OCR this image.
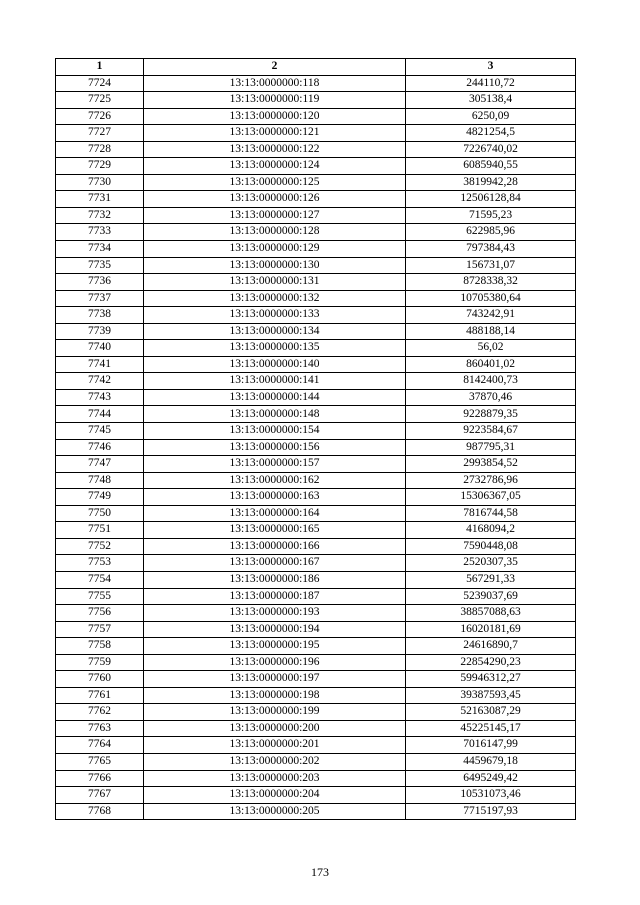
1	2	3
7724	13:13:0000000:118	244110,72
7725	13:13:0000000:119	305138,4
7726	13:13:0000000:120	6250,09
7727	13:13:0000000:121	4821254,5
7728	13:13:0000000:122	7226740,02
7729	13:13:0000000:124	6085940,55
7730	13:13:0000000:125	3819942,28
7731	13:13:0000000:126	12506128,84
7732	13:13:0000000:127	71595,23
7733	13:13:0000000:128	622985,96
7734	13:13:0000000:129	797384,43
7735	13:13:0000000:130	156731,07
7736	13:13:0000000:131	8728338,32
7737	13:13:0000000:132	10705380,64
7738	13:13:0000000:133	743242,91
7739	13:13:0000000:134	488188,14
7740	13:13:0000000:135	56,02
7741	13:13:0000000:140	860401,02
7742	13:13:0000000:141	8142400,73
7743	13:13:0000000:144	37870,46
7744	13:13:0000000:148	9228879,35
7745	13:13:0000000:154	9223584,67
7746	13:13:0000000:156	987795,31
7747	13:13:0000000:157	2993854,52
7748	13:13:0000000:162	2732786,96
7749	13:13:0000000:163	15306367,05
7750	13:13:0000000:164	7816744,58
7751	13:13:0000000:165	4168094,2
7752	13:13:0000000:166	7590448,08
7753	13:13:0000000:167	2520307,35
7754	13:13:0000000:186	567291,33
7755	13:13:0000000:187	5239037,69
7756	13:13:0000000:193	38857088,63
7757	13:13:0000000:194	16020181,69
7758	13:13:0000000:195	24616890,7
7759	13:13:0000000:196	22854290,23
7760	13:13:0000000:197	59946312,27
7761	13:13:0000000:198	39387593,45
7762	13:13:0000000:199	52163087,29
7763	13:13:0000000:200	45225145,17
7764	13:13:0000000:201	7016147,99
7765	13:13:0000000:202	4459679,18
7766	13:13:0000000:203	6495249,42
7767	13:13:0000000:204	10531073,46
7768	13:13:0000000:205	7715197,93
173
